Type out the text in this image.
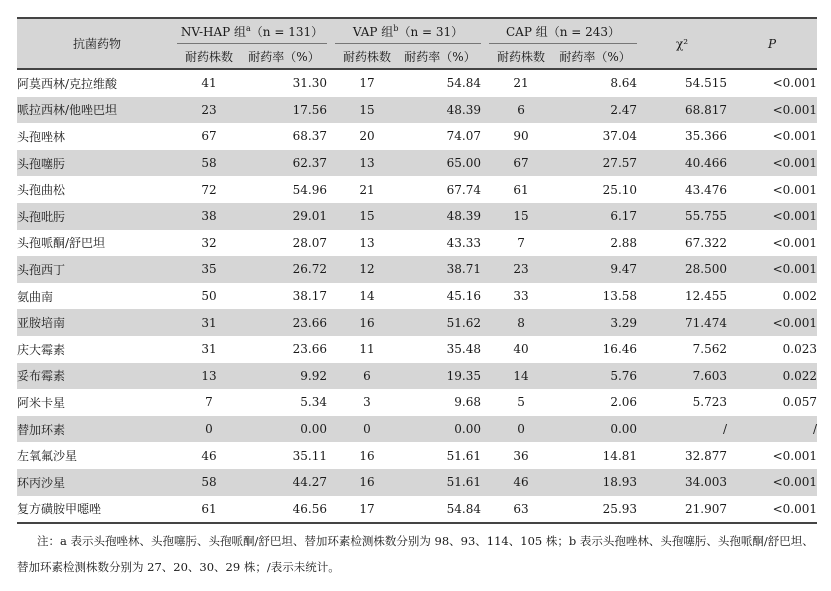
抗菌药物	NV-HAP 组$^a$（n = 131）			VAP 组$^b$（n = 31）			CAP 组（n = 243）		χ²	P
	耐药株数	耐药率（%）		耐药株数	耐药率（%）		耐药株数	耐药率（%）		
阿莫西林/克拉维酸	41	31.30		17	54.84		21	8.64	54.515	<0.001
哌拉西林/他唑巴坦	23	17.56		15	48.39		6	2.47	68.817	<0.001
头孢唑林	67	68.37		20	74.07		90	37.04	35.366	<0.001
头孢噻肟	58	62.37		13	65.00		67	27.57	40.466	<0.001
头孢曲松	72	54.96		21	67.74		61	25.10	43.476	<0.001
头孢吡肟	38	29.01		15	48.39		15	6.17	55.755	<0.001
头孢哌酮/舒巴坦	32	28.07		13	43.33		7	2.88	67.322	<0.001
头孢西丁	35	26.72		12	38.71		23	9.47	28.500	<0.001
氨曲南	50	38.17		14	45.16		33	13.58	12.455	0.002
亚胺培南	31	23.66		16	51.62		8	3.29	71.474	<0.001
庆大霉素	31	23.66		11	35.48		40	16.46	7.562	0.023
妥布霉素	13	9.92		6	19.35		14	5.76	7.603	0.022
阿米卡星	7	5.34		3	9.68		5	2.06	5.723	0.057
替加环素	0	0.00		0	0.00		0	0.00	/	/
左氧氟沙星	46	35.11		16	51.61		36	14.81	32.877	<0.001
环丙沙星	58	44.27		16	51.61		46	18.93	34.003	<0.001
复方磺胺甲噁唑	61	46.56		17	54.84		63	25.93	21.907	<0.001
注：a 表示头孢唑林、头孢噻肟、头孢哌酮/舒巴坦、替加环素检测株数分别为 98、93、114、105 株；b 表示头孢唑林、头孢噻肟、头孢哌酮/舒巴坦、替加环素检测株数分别为 27、20、30、29 株；/表示未统计。
